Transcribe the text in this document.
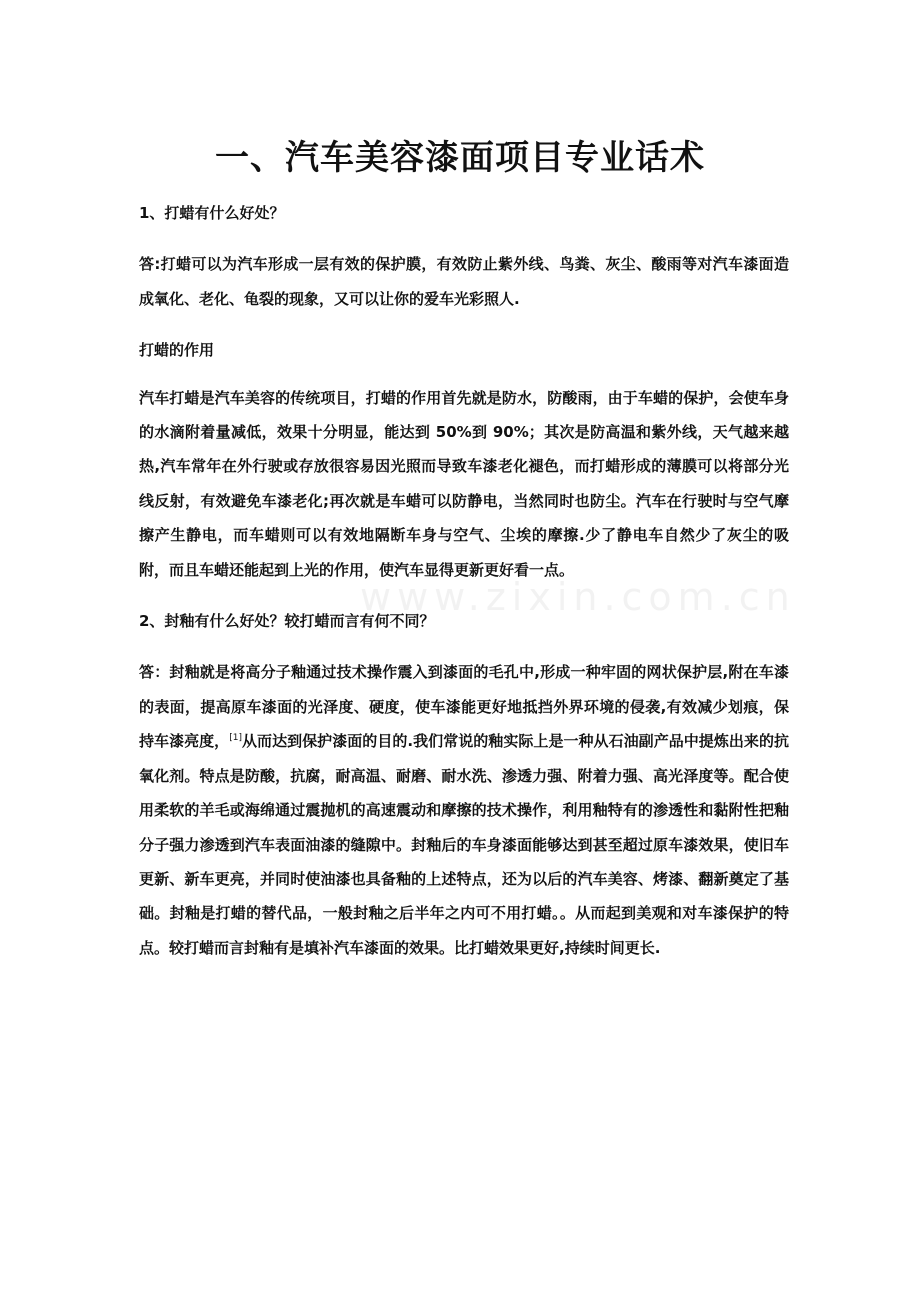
www.zixin.com.cn
一、汽车美容漆面项目专业话术

1、打蜡有什么好处？

答:打蜡可以为汽车形成一层有效的保护膜，有效防止紫外线、鸟粪、灰尘、酸雨等对汽车漆面造成氧化、老化、龟裂的现象，又可以让你的爱车光彩照人.

打蜡的作用

汽车打蜡是汽车美容的传统项目，打蜡的作用首先就是防水，防酸雨，由于车蜡的保护，会使车身的水滴附着量减低，效果十分明显，能达到 50%到 90%；其次是防高温和紫外线，天气越来越热,汽车常年在外行驶或存放很容易因光照而导致车漆老化褪色，而打蜡形成的薄膜可以将部分光线反射，有效避免车漆老化;再次就是车蜡可以防静电，当然同时也防尘。汽车在行驶时与空气摩擦产生静电，而车蜡则可以有效地隔断车身与空气、尘埃的摩擦.少了静电车自然少了灰尘的吸附，而且车蜡还能起到上光的作用，使汽车显得更新更好看一点。

2、封釉有什么好处？较打蜡而言有何不同？

答：封釉就是将高分子釉通过技术操作震入到漆面的毛孔中,形成一种牢固的网状保护层,附在车漆的表面，提高原车漆面的光泽度、硬度，使车漆能更好地抵挡外界环境的侵袭,有效减少划痕，保持车漆亮度，[1]从而达到保护漆面的目的.我们常说的釉实际上是一种从石油副产品中提炼出来的抗氧化剂。特点是防酸，抗腐，耐高温、耐磨、耐水洗、渗透力强、附着力强、高光泽度等。配合使用柔软的羊毛或海绵通过震抛机的高速震动和摩擦的技术操作，利用釉特有的渗透性和黏附性把釉分子强力渗透到汽车表面油漆的缝隙中。封釉后的车身漆面能够达到甚至超过原车漆效果，使旧车更新、新车更亮，并同时使油漆也具备釉的上述特点，还为以后的汽车美容、烤漆、翻新奠定了基础。封釉是打蜡的替代品，一般封釉之后半年之内可不用打蜡。。从而起到美观和对车漆保护的特点。较打蜡而言封釉有是填补汽车漆面的效果。比打蜡效果更好,持续时间更长.
